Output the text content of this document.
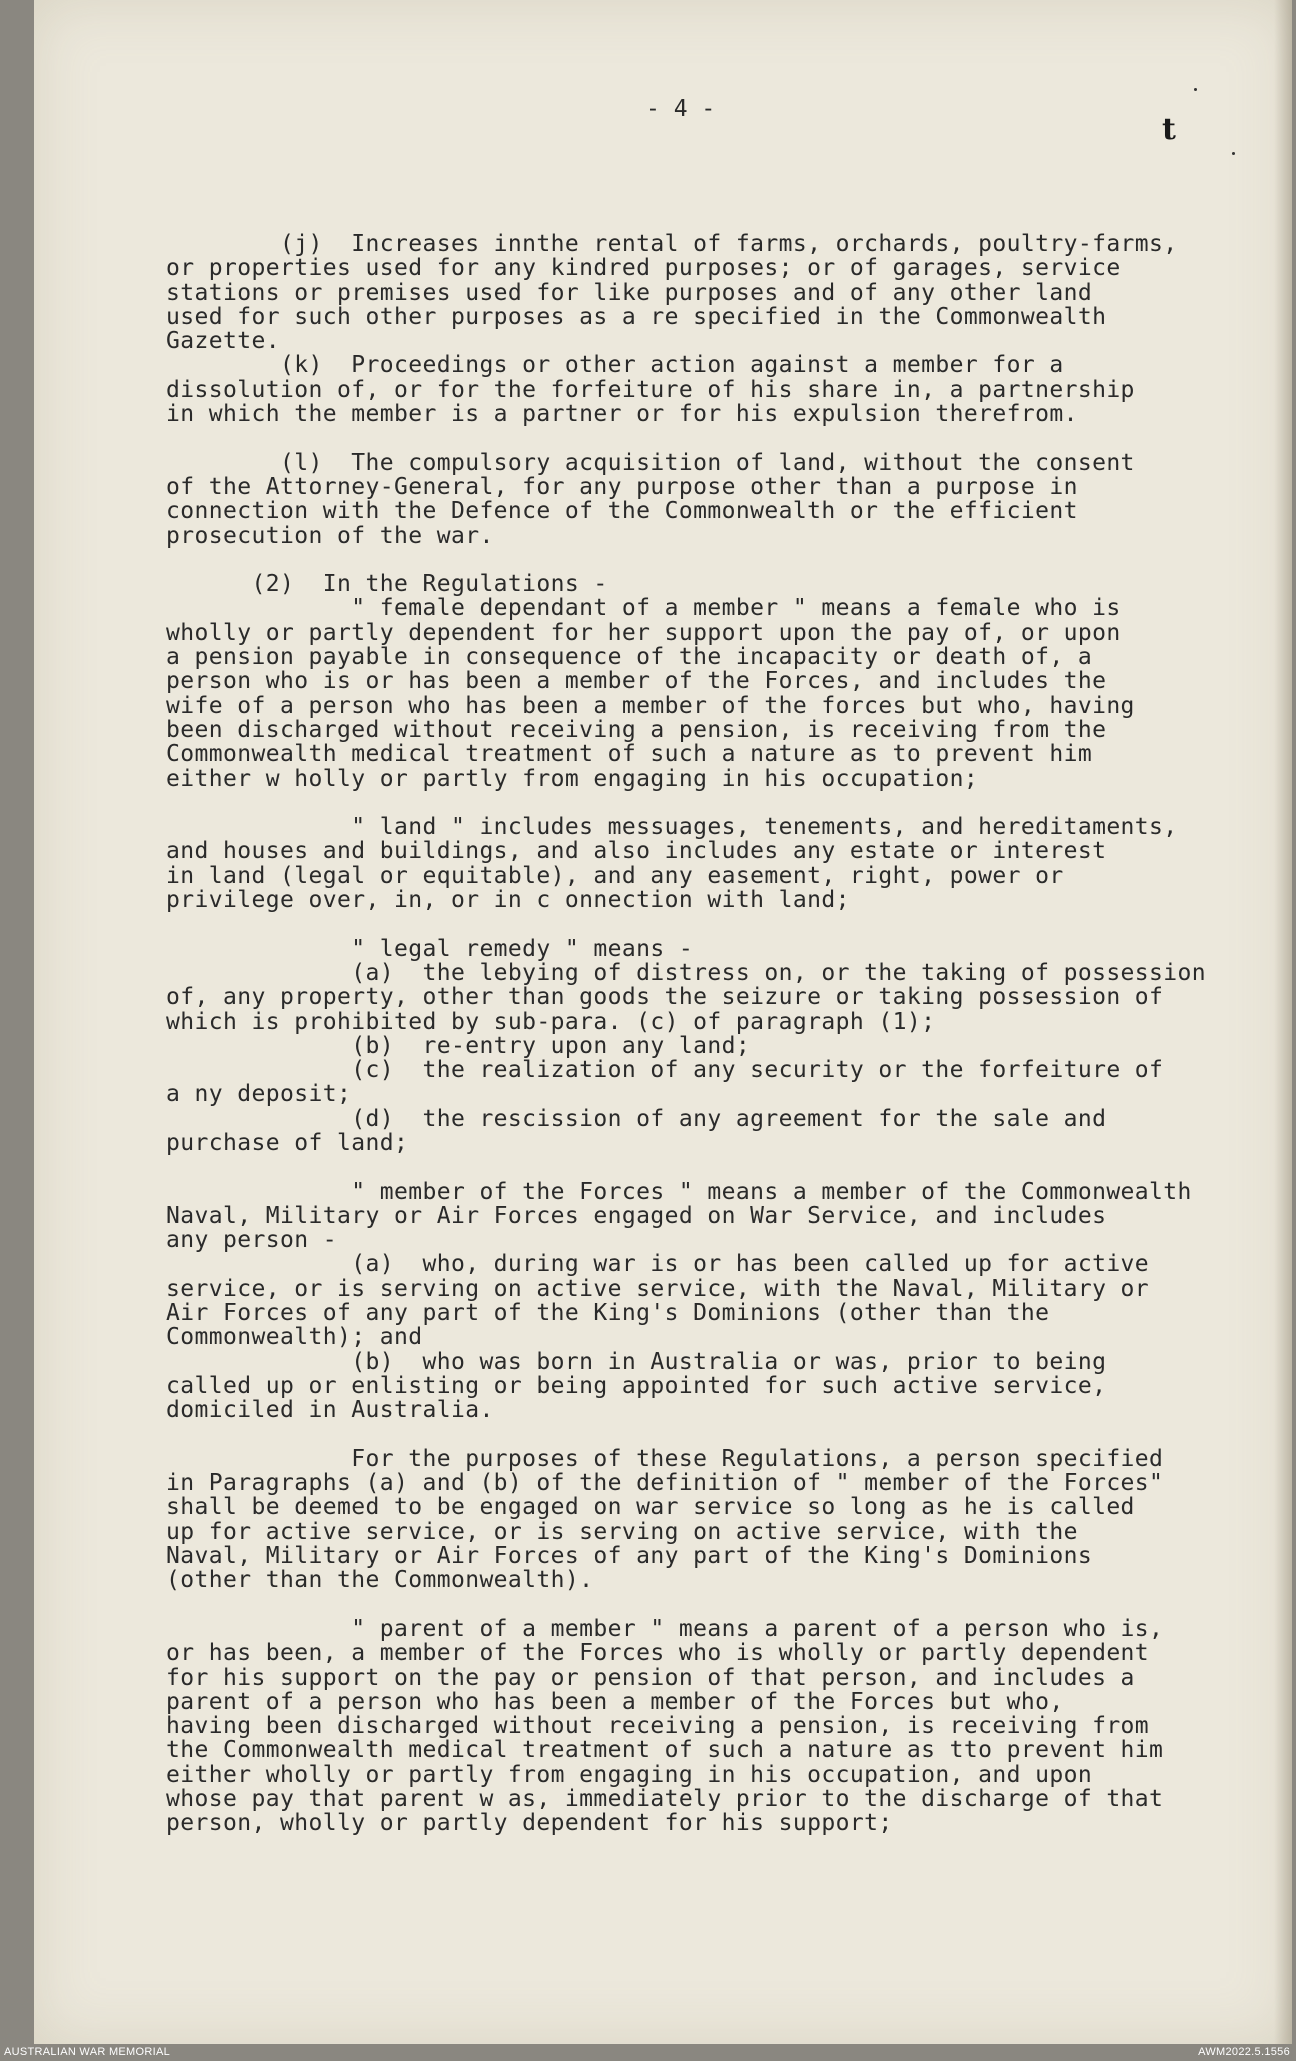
- 4 -
t
(j)  Increases innthe rental of farms, orchards, poultry-farms,
or properties used for any kindred purposes; or of garages, service
stations or premises used for like purposes and of any other land
used for such other purposes as a re specified in the Commonwealth
Gazette.
(k)  Proceedings or other action against a member for a
dissolution of, or for the forfeiture of his share in, a partnership
in which the member is a partner or for his expulsion therefrom.

(l)  The compulsory acquisition of land, without the consent
of the Attorney-General, for any purpose other than a purpose in
connection with the Defence of the Commonwealth or the efficient
prosecution of the war.

(2)  In the Regulations -
" female dependant of a member " means a female who is
wholly or partly dependent for her support upon the pay of, or upon
a pension payable in consequence of the incapacity or death of, a
person who is or has been a member of the Forces, and includes the
wife of a person who has been a member of the forces but who, having
been discharged without receiving a pension, is receiving from the
Commonwealth medical treatment of such a nature as to prevent him
either w holly or partly from engaging in his occupation;

" land " includes messuages, tenements, and hereditaments,
and houses and buildings, and also includes any estate or interest
in land (legal or equitable), and any easement, right, power or
privilege over, in, or in c onnection with land;

" legal remedy " means -
(a)  the lebying of distress on, or the taking of possession
of, any property, other than goods the seizure or taking possession of
which is prohibited by sub-para. (c) of paragraph (1);
(b)  re-entry upon any land;
(c)  the realization of any security or the forfeiture of
a ny deposit;
(d)  the rescission of any agreement for the sale and
purchase of land;

" member of the Forces " means a member of the Commonwealth
Naval, Military or Air Forces engaged on War Service, and includes
any person -
(a)  who, during war is or has been called up for active
service, or is serving on active service, with the Naval, Military or
Air Forces of any part of the King's Dominions (other than the
Commonwealth); and
(b)  who was born in Australia or was, prior to being
called up or enlisting or being appointed for such active service,
domiciled in Australia.

For the purposes of these Regulations, a person specified
in Paragraphs (a) and (b) of the definition of " member of the Forces"
shall be deemed to be engaged on war service so long as he is called
up for active service, or is serving on active service, with the
Naval, Military or Air Forces of any part of the King's Dominions
(other than the Commonwealth).

" parent of a member " means a parent of a person who is,
or has been, a member of the Forces who is wholly or partly dependent
for his support on the pay or pension of that person, and includes a
parent of a person who has been a member of the Forces but who,
having been discharged without receiving a pension, is receiving from
the Commonwealth medical treatment of such a nature as tto prevent him
either wholly or partly from engaging in his occupation, and upon
whose pay that parent w as, immediately prior to the discharge of that
person, wholly or partly dependent for his support;
AUSTRALIAN WAR MEMORIAL	AWM2022.5.1556
